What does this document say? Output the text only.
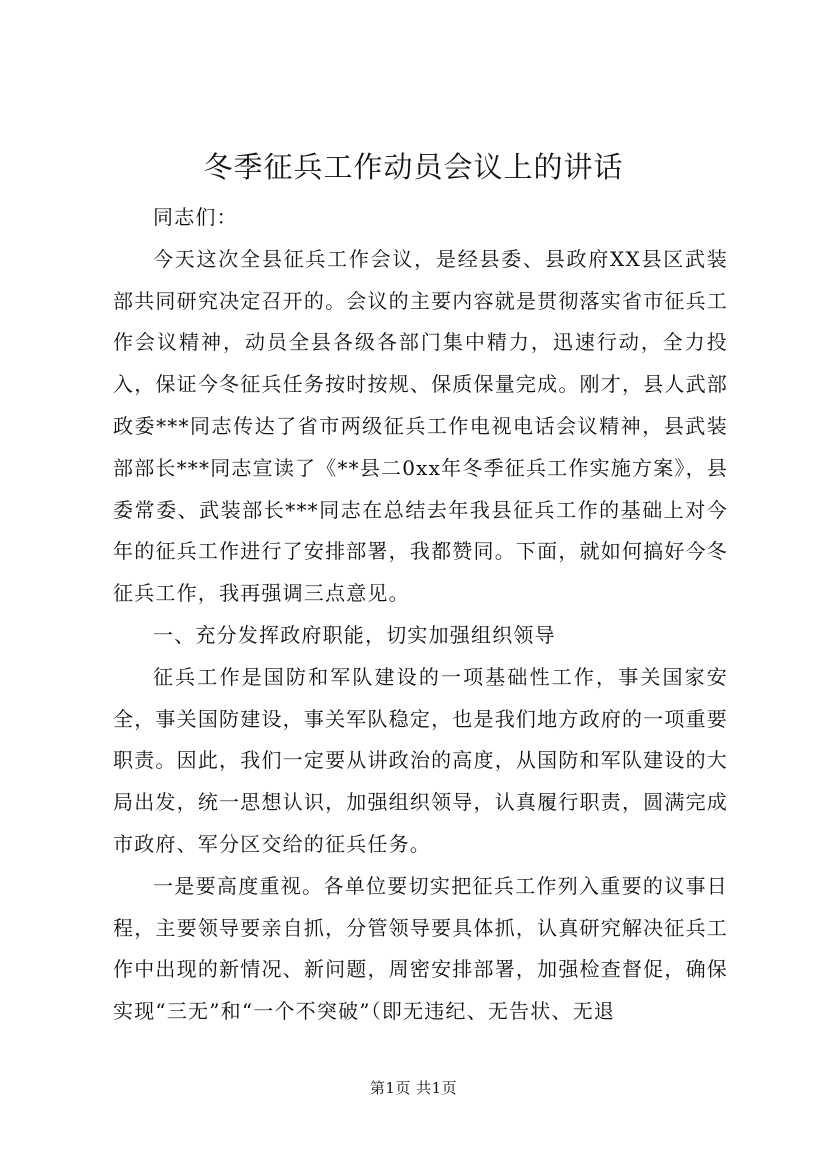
冬季征兵工作动员会议上的讲话

同志们：

今天这次全县征兵工作会议，是经县委、县政府XX县区武装部共同研究决定召开的。会议的主要内容就是贯彻落实省市征兵工作会议精神，动员全县各级各部门集中精力，迅速行动，全力投入，保证今冬征兵任务按时按规、保质保量完成。刚才，县人武部政委***同志传达了省市两级征兵工作电视电话会议精神，县武装部部长***同志宣读了《**县二0xx年冬季征兵工作实施方案》，县委常委、武装部长***同志在总结去年我县征兵工作的基础上对今年的征兵工作进行了安排部署，我都赞同。下面，就如何搞好今冬征兵工作，我再强调三点意见。

一、充分发挥政府职能，切实加强组织领导

征兵工作是国防和军队建设的一项基础性工作，事关国家安全，事关国防建设，事关军队稳定，也是我们地方政府的一项重要职责。因此，我们一定要从讲政治的高度，从国防和军队建设的大局出发，统一思想认识，加强组织领导，认真履行职责，圆满完成市政府、军分区交给的征兵任务。

一是要高度重视。各单位要切实把征兵工作列入重要的议事日程，主要领导要亲自抓，分管领导要具体抓，认真研究解决征兵工作中出现的新情况、新问题，周密安排部署，加强检查督促，确保实现“三无”和“一个不突破”（即无违纪、无告状、无退

第1页 共1页
